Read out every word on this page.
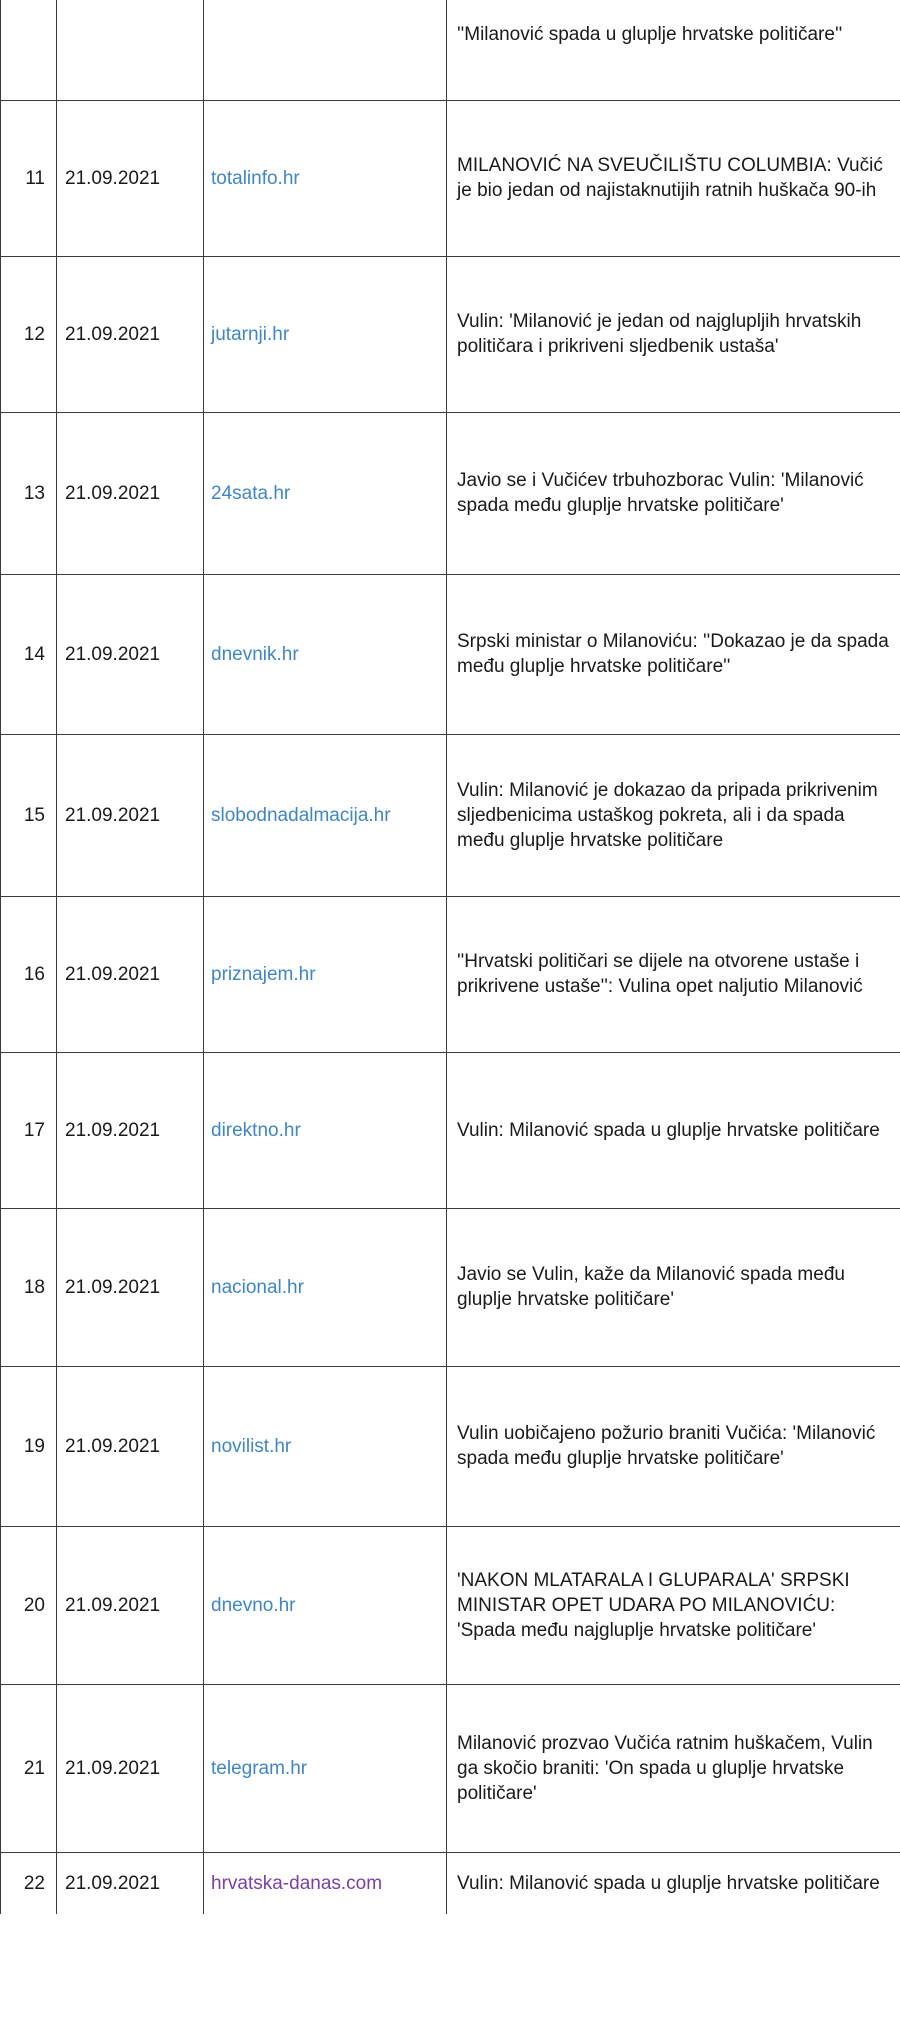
			''Milanović spada u gluplje hrvatske političare''

11	21.09.2021	totalinfo.hr	MILANOVIĆ NA SVEUČILIŠTU COLUMBIA: Vučić je bio jedan od najistaknutijih ratnih huškača 90-ih
12	21.09.2021	jutarnji.hr	Vulin: 'Milanović je jedan od najglupljih hrvatskih političara i prikriveni sljedbenik ustaša'
13	21.09.2021	24sata.hr	Javio se i Vučićev trbuhozborac Vulin: 'Milanović spada među gluplje hrvatske političare'
14	21.09.2021	dnevnik.hr	Srpski ministar o Milanoviću: ''Dokazao je da spada među gluplje hrvatske političare''
15	21.09.2021	slobodnadalmacija.hr	Vulin: Milanović je dokazao da pripada prikrivenim sljedbenicima ustaškog pokreta, ali i da spada među gluplje hrvatske političare
16	21.09.2021	priznajem.hr	''Hrvatski političari se dijele na otvorene ustaše i prikrivene ustaše'': Vulina opet naljutio Milanović
17	21.09.2021	direktno.hr	Vulin: Milanović spada u gluplje hrvatske političare
18	21.09.2021	nacional.hr	Javio se Vulin, kaže da Milanović spada među gluplje hrvatske političare'
19	21.09.2021	novilist.hr	Vulin uobičajeno požurio braniti Vučića: 'Milanović spada među gluplje hrvatske političare'
20	21.09.2021	dnevno.hr	'NAKON MLATARALA I GLUPARALA' SRPSKI MINISTAR OPET UDARA PO MILANOVIĆU: 'Spada među najgluplje hrvatske političare'
21	21.09.2021	telegram.hr	Milanović prozvao Vučića ratnim huškačem, Vulin ga skočio braniti: 'On spada u gluplje hrvatske političare'
22	21.09.2021	hrvatska-danas.com	Vulin: Milanović spada u gluplje hrvatske političare
